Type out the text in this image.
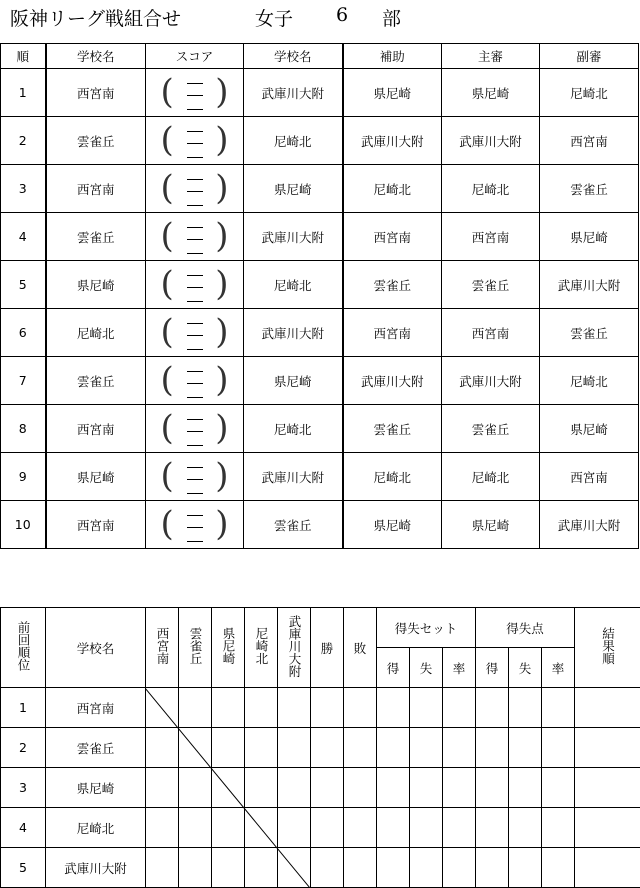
阪神リーグ戦組合せ	女子 6 部
順	学校名	スコア	学校名	補助	主審	副審
1	西宮南	( )	武庫川大附	県尼崎	県尼崎	尼崎北
2	雲雀丘	( )	尼崎北	武庫川大附	武庫川大附	西宮南
3	西宮南	( )	県尼崎	尼崎北	尼崎北	雲雀丘
4	雲雀丘	( )	武庫川大附	西宮南	西宮南	県尼崎
5	県尼崎	( )	尼崎北	雲雀丘	雲雀丘	武庫川大附
6	尼崎北	( )	武庫川大附	西宮南	西宮南	雲雀丘
7	雲雀丘	( )	県尼崎	武庫川大附	武庫川大附	尼崎北
8	西宮南	( )	尼崎北	雲雀丘	雲雀丘	県尼崎
9	県尼崎	( )	武庫川大附	尼崎北	尼崎北	西宮南
10	西宮南	( )	雲雀丘	県尼崎	県尼崎	武庫川大附
前回順位	学校名	西宮南	雲雀丘	県尼崎	尼崎北	武庫川大附	勝	敗	得失セット			得失点			結果順
									得	失	率	得	失	率	
1	西宮南														
2	雲雀丘														
3	県尼崎														
4	尼崎北														
5	武庫川大附														
